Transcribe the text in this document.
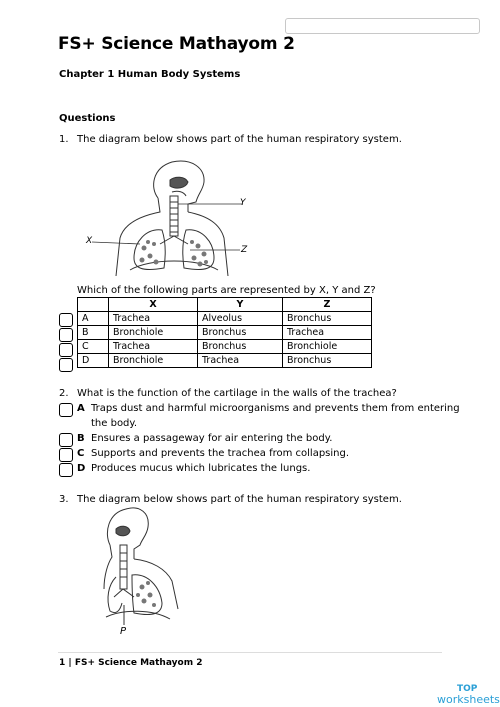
FS+ Science Mathayom 2
Chapter 1 Human Body Systems
Questions
1. The diagram below shows part of the human respiratory system.
Y
X
Z
Which of the following parts are represented by X, Y and Z?
	X	Y	Z
A	Trachea	Alveolus	Bronchus
B	Bronchiole	Bronchus	Trachea
C	Trachea	Bronchus	Bronchiole
D	Bronchiole	Trachea	Bronchus
2. What is the function of the cartilage in the walls of the trachea?
A Traps dust and harmful microorganisms and prevents them from entering
the body.
B Ensures a passageway for air entering the body.
C Supports and prevents the trachea from collapsing.
D Produces mucus which lubricates the lungs.
3. The diagram below shows part of the human respiratory system.
P
1 | FS+ Science Mathayom 2
TOP
worksheets
